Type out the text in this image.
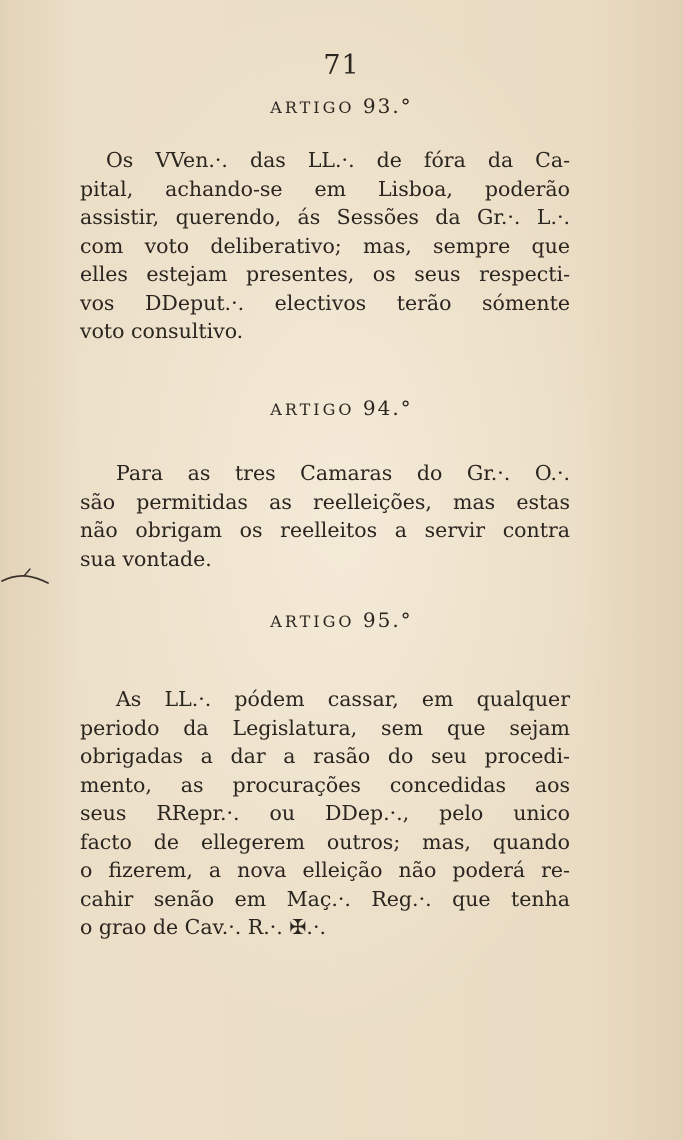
71
ARTIGO 93.°
Os VVen.·. das LL.·. de fóra da Ca-
pital, achando-se em Lisboa, poderão
assistir, querendo, ás Sessões da Gr.·. L.·.
com voto deliberativo; mas, sempre que
elles estejam presentes, os seus respecti-
vos DDeput.·. electivos terão sómente
voto consultivo.
ARTIGO 94.°
Para as tres Camaras do Gr.·. O.·.
são permitidas as reelleições, mas estas
não obrigam os reelleitos a servir contra
sua vontade.
ARTIGO 95.°
As LL.·. pódem cassar, em qualquer
periodo da Legislatura, sem que sejam
obrigadas a dar a rasão do seu procedi-
mento, as procurações concedidas aos
seus RRepr.·. ou DDep.·., pelo unico
facto de ellegerem outros; mas, quando
o fizerem, a nova elleição não poderá re-
cahir senão em Maç.·. Reg.·. que tenha
o grao de Cav.·. R.·. ✠.·.
